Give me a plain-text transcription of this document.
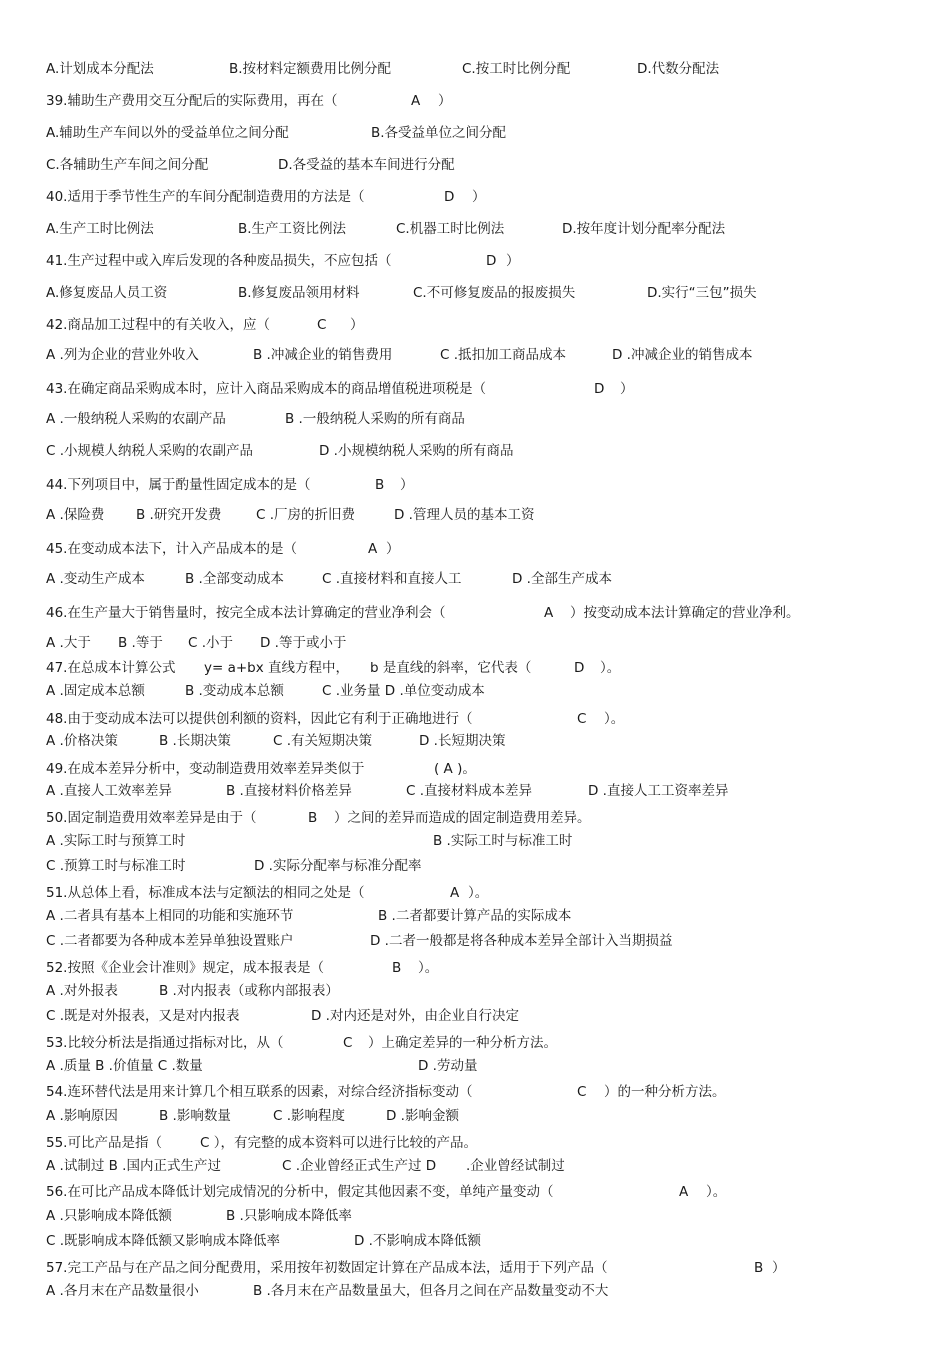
A.计划成本分配法	B.按材料定额费用比例分配	C.按工时比例分配	D.代数分配法
39.辅助生产费用交互分配后的实际费用，再在（	A ）
A.辅助生产车间以外的受益单位之间分配	B.各受益单位之间分配
C.各辅助生产车间之间分配	D.各受益的基本车间进行分配
40.适用于季节性生产的车间分配制造费用的方法是（	D ）
A.生产工时比例法	B.生产工资比例法	C.机器工时比例法	D.按年度计划分配率分配法
41.生产过程中或入库后发现的各种废品损失，不应包括（	D ）
A.修复废品人员工资	B.修复废品领用材料	C.不可修复废品的报废损失	D.实行“三包”损失
42.商品加工过程中的有关收入，应（	C ）
A .列为企业的营业外收入	B .冲减企业的销售费用	C .抵扣加工商品成本	D .冲减企业的销售成本
43.在确定商品采购成本时，应计入商品采购成本的商品增值税进项税是（	D ）
A .一般纳税人采购的农副产品	B .一般纳税人采购的所有商品
C .小规模人纳税人采购的农副产品	D .小规模纳税人采购的所有商品
44.下列项目中，属于酌量性固定成本的是（	B ）
A .保险费 B .研究开发费	C .厂房的折旧费	D .管理人员的基本工资
45.在变动成本法下，计入产品成本的是（	A ）
A .变动生产成本	B .全部变动成本	C .直接材料和直接人工	D .全部生产成本
46.在生产量大于销售量时，按完全成本法计算确定的营业净利会（	A ）按变动成本法计算确定的营业净利。
A .大于 B .等于 C .小于 D .等于或小于
47.在总成本计算公式 y= a+bx 直线方程中， b 是直线的斜率，它代表（	D ）。
A .固定成本总额	B .变动成本总额	C .业务量 D .单位变动成本
48.由于变动成本法可以提供创利额的资料，因此它有利于正确地进行（	C ）。
A .价格决策	B .长期决策	C .有关短期决策	D .长短期决策
49.在成本差异分析中，变动制造费用效率差异类似于	( A )。
A .直接人工效率差异	B .直接材料价格差异	C .直接材料成本差异	D .直接人工工资率差异
50.固定制造费用效率差异是由于（	B ）之间的差异而造成的固定制造费用差异。
A .实际工时与预算工时	B .实际工时与标准工时
C .预算工时与标准工时	D .实际分配率与标准分配率
51.从总体上看，标准成本法与定额法的相同之处是（	A ）。
A .二者具有基本上相同的功能和实施环节	B .二者都要计算产品的实际成本
C .二者都要为各种成本差异单独设置账户	D .二者一般都是将各种成本差异全部计入当期损益
52.按照《企业会计准则》规定，成本报表是（	B ）。
A .对外报表	B .对内报表（或称内部报表）
C .既是对外报表，又是对内报表	D .对内还是对外，由企业自行决定
53.比较分析法是指通过指标对比，从（	C ）上确定差异的一种分析方法。
A .质量 B .价值量 C .数量	D .劳动量
54.连环替代法是用来计算几个相互联系的因素，对综合经济指标变动（	C ）的一种分析方法。
A .影响原因	B .影响数量	C .影响程度	D .影响金额
55.可比产品是指（	C ），有完整的成本资料可以进行比较的产品。
A .试制过 B .国内正式生产过	C .企业曾经正式生产过 D .企业曾经试制过
56.在可比产品成本降低计划完成情况的分析中，假定其他因素不变，单纯产量变动（	A ）。
A .只影响成本降低额	B .只影响成本降低率
C .既影响成本降低额又影响成本降低率	D .不影响成本降低额
57.完工产品与在产品之间分配费用，采用按年初数固定计算在产品成本法，适用于下列产品（	B ）
A .各月末在产品数量很小	B .各月末在产品数量虽大，但各月之间在产品数量变动不大
